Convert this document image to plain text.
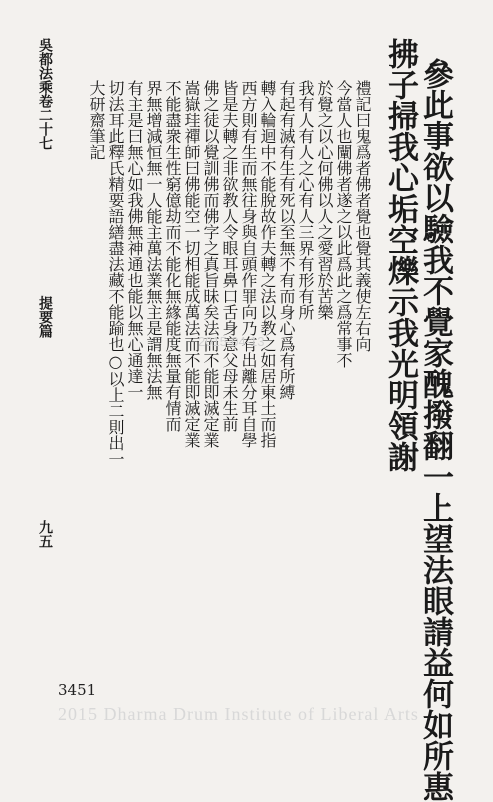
吳都法乘卷二十七
提要篇
九五	參此事欲以驗我不覺家醜撥翻一上望法眼請益何如所惠
拂子掃我心垢空爍示我光明領謝
禮記曰鬼爲者佛者覺也覺其義使左右向
今當人也闡佛者遂之以此爲此之爲常事不
於覺之以心何佛以人之愛習於苦樂
我有人有人之心有人三界有形有所
有起有滅有生有死以至無不有而身心爲有所縛
轉入輪迴中不能脫故作夫轉之法以教之如居東土而指
西方則有生而無往身與自頭作罪向乃有出離分耳自學
皆是夫轉之非欲教人令眼耳鼻口舌身意父母未生前
佛之徒以覺訓佛而佛字之真旨昧矣法而不能即滅定業
嵩嶽珪禪師曰佛能空一切相能成萬法而不能即滅定業
不能盡衆生性窮億劫而不能化無緣能度無量有情而
界無增減恒無一人能主萬法業無主是謂無法無
有主是曰無心如我佛無神通也能以無心通達一
切法耳此釋氏精要語繕盡法藏不能踰也○以上二則出一
大研齋筆記
2015-04-13
3451
2015 Dharma Drum Institute of Liberal Arts
